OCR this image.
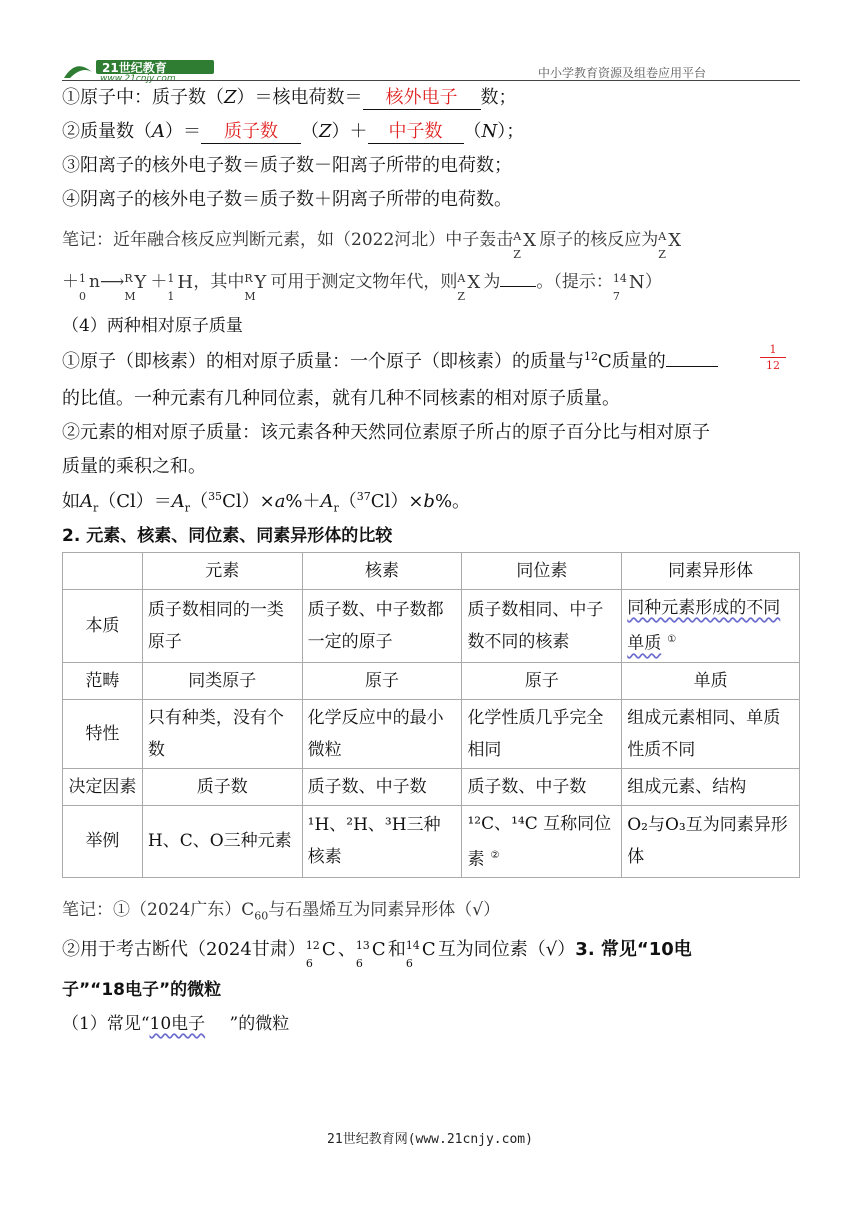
21世纪教育
www.21cnjy.com	中小学教育资源及组卷应用平台
①原子中：质子数（Z）＝核电荷数＝ 核外电子 数；
②质量数（A）＝ 质子数 （Z）＋ 中子数 （N）；
③阳离子的核外电子数＝质子数－阳离子所带的电荷数；
④阴离子的核外电子数＝质子数＋阴离子所带的电荷数。
笔记：近年融合核反应判断元素，如（2022河北）中子轰击 A
Z
X 原子的核反应为 A
Z
X
＋ 1
0
n⟶ R
M
Y ＋ 1
1
H ，其中 R
M
Y 可用于测定文物年代，则 A
Z
X 为 。（提示： 14
7
N ）
（4）两种相对原子质量
①原子（即核素）的相对原子质量：一个原子（即核素）的质量与$^{12}$C质量的
1
12
的比值。一种元素有几种同位素，就有几种不同核素的相对原子质量。
②元素的相对原子质量：该元素各种天然同位素原子所占的原子百分比与相对原子
质量的乘积之和。
如$A_r(Cl)=A_r(^{35}Cl)\times a\%+A_r(^{37}Cl)\times b\%$。
2. 元素、核素、同位素、同素异形体的比较
	元素	核素	同位素	同素异形体
本质	质子数相同的一类原子	质子数、中子数都一定的原子	质子数相同、中子数不同的核素	同种元素形成的不同单质 ①
范畴	同类原子	原子	原子	单质
特性	只有种类，没有个数	化学反应中的最小微粒	化学性质几乎完全相同	组成元素相同、单质性质不同
决定因素	质子数	质子数、中子数	质子数、中子数	组成元素、结构
举例	H、C、O三种元素	¹H、²H、³H三种核素	¹²C、¹⁴C 互称同位素 ②	O₂与O₃互为同素异形体
笔记：①（2024广东）$C_{60}$与石墨烯互为同素异形体（√）
②用于考古断代（2024甘肃） 12
6
C 、 13
6
C 和 14
6
C 互为同位素（√）3. 常见“10电
子”“18电子”的微粒
（1）常见“10电子 ”的微粒
21世纪教育网(www.21cnjy.com)
